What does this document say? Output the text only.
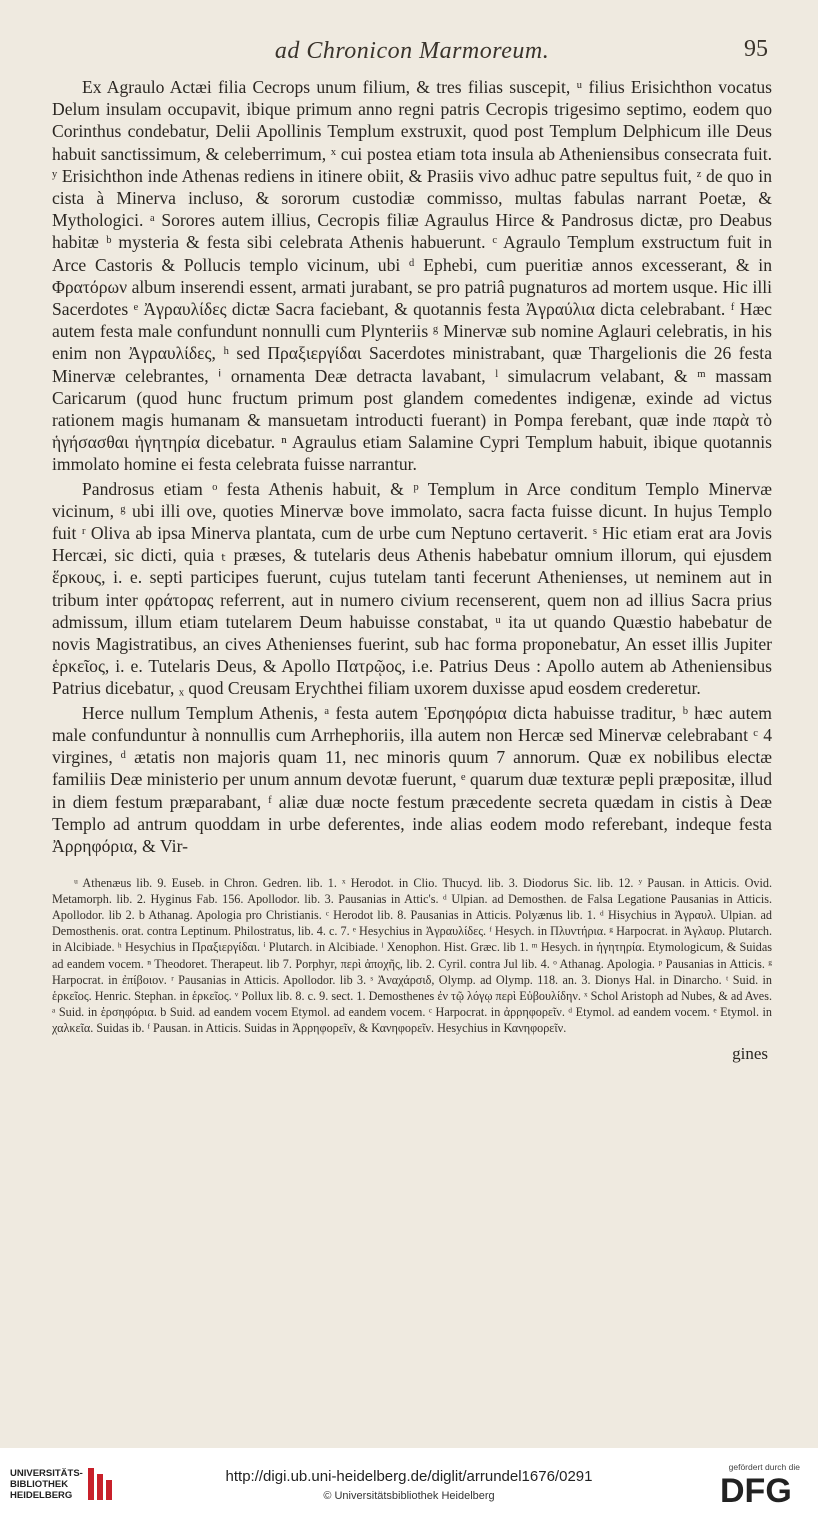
ad Chronicon Marmoreum.	95

Ex Agraulo Actæi filia Cecrops unum filium, & tres filias suscepit, ᵘ filius Erisichthon vocatus Delum insulam occupavit, ibique primum anno regni patris Cecropis trigesimo septimo, eodem quo Corinthus condebatur, Delii Apollinis Templum exstruxit, quod post Templum Delphicum ille Deus habuit sanctissimum, & celeberrimum, ˣ cui postea etiam tota insula ab Atheniensibus consecrata fuit. ʸ Erisichthon inde Athenas rediens in itinere obiit, & Prasiis vivo adhuc patre sepultus fuit, ᶻ de quo in cista à Minerva incluso, & sororum custodiæ commisso, multas fabulas narrant Poetæ, & Mythologici. ᵃ Sorores autem illius, Cecropis filiæ Agraulus Hirce & Pandrosus dictæ, pro Deabus habitæ ᵇ mysteria & festa sibi celebrata Athenis habuerunt. ᶜ Agraulo Templum exstructum fuit in Arce Castoris & Pollucis templo vicinum, ubi ᵈ Ephebi, cum pueritiæ annos excesserant, & in Φρατόρων album inserendi essent, armati jurabant, se pro patriâ pugnaturos ad mortem usque. Hic illi Sacerdotes ᵉ Ἀγραυλίδες dictæ Sacra faciebant, & quotannis festa Ἀγραύλια dicta celebrabant. ᶠ Hæc autem festa male confundunt nonnulli cum Plynteriis ᵍ Minervæ sub nomine Aglauri celebratis, in his enim non Ἀγραυλίδες, ʰ sed Πραξιεργίδαι Sacerdotes ministrabant, quæ Thargelionis die 26 festa Minervæ celebrantes, ⁱ ornamenta Deæ detracta lavabant, ˡ simulacrum velabant, & ᵐ massam Caricarum (quod hunc fructum primum post glandem comedentes indigenæ, exinde ad victus rationem magis humanam & mansuetam introducti fuerant) in Pompa ferebant, quæ inde παρὰ τὸ ἡγήσασθαι ἡγητηρία dicebatur. ⁿ Agraulus etiam Salamine Cypri Templum habuit, ibique quotannis immolato homine ei festa celebrata fuisse narrantur.

Pandrosus etiam ᵒ festa Athenis habuit, & ᵖ Templum in Arce conditum Templo Minervæ vicinum, ᵍ ubi illi ove, quoties Minervæ bove immolato, sacra facta fuisse dicunt. In hujus Templo fuit ʳ Oliva ab ipsa Minerva plantata, cum de urbe cum Neptuno certaverit. ˢ Hic etiam erat ara Jovis Hercæi, sic dicti, quia ₜ præses, & tutelaris deus Athenis habebatur omnium illorum, qui ejusdem ἕρκους, i. e. septi participes fuerunt, cujus tutelam tanti fecerunt Athenienses, ut neminem aut in tribum inter φράτορας referrent, aut in numero civium recenserent, quem non ad illius Sacra prius admissum, illum etiam tutelarem Deum habuisse constabat, ᵘ ita ut quando Quæstio habebatur de novis Magistratibus, an cives Athenienses fuerint, sub hac forma proponebatur, An esset illis Jupiter ἑρκεῖος, i. e. Tutelaris Deus, & Apollo Πατρῷος, i.e. Patrius Deus : Apollo autem ab Atheniensibus Patrius dicebatur, ₓ quod Creusam Erychthei filiam uxorem duxisse apud eosdem crederetur.

Herce nullum Templum Athenis, ᵃ festa autem Ἑρσηφόρια dicta habuisse traditur, ᵇ hæc autem male confunduntur à nonnullis cum Arrhephoriis, illa autem non Hercæ sed Minervæ celebrabant ᶜ 4 virgines, ᵈ ætatis non majoris quam 11, nec minoris quum 7 annorum. Quæ ex nobilibus electæ familiis Deæ ministerio per unum annum devotæ fuerunt, ᵉ quarum duæ texturæ pepli præpositæ, illud in diem festum præparabant, ᶠ aliæ duæ nocte festum præcedente secreta quædam in cistis à Deæ Templo ad antrum quoddam in urbe deferentes, inde alias eodem modo referebant, indeque festa Ἀρρηφόρια, & Vir-

ᵘ Athenæus lib. 9. Euseb. in Chron. Gedren. lib. 1. ˣ Herodot. in Clio. Thucyd. lib. 3. Diodorus Sic. lib. 12. ʸ Pausan. in Atticis. Ovid. Metamorph. lib. 2. Hyginus Fab. 156. Apollodor. lib. 3. Pausanias in Attic's. ᵈ Ulpian. ad Demosthen. de Falsa Legatione Pausanias in Atticis. Apollodor. lib 2. b Athanag. Apologia pro Christianis. ᶜ Herodot lib. 8. Pausanias in Atticis. Polyænus lib. 1. ᵈ Hisychius in Ἀγραυλ. Ulpian. ad Demosthenis. orat. contra Leptinum. Philostratus, lib. 4. c. 7. ᵉ Hesychius in Ἀγραυλίδες. ᶠ Hesych. in Πλυντήρια. ᵍ Harpocrat. in Ἀγλαυρ. Plutarch. in Alcibiade. ʰ Hesychius in Πραξιεργίδαι. ⁱ Plutarch. in Alcibiade. ˡ Xenophon. Hist. Græc. lib 1. ᵐ Hesych. in ἡγητηρία. Etymologicum, & Suidas ad eandem vocem. ⁿ Theodoret. Therapeut. lib 7. Porphyr, περὶ ἀποχῆς, lib. 2. Cyril. contra Jul lib. 4. ᵒ Athanag. Apologia. ᵖ Pausanias in Atticis. ᵍ Harpocrat. in ἐπίβοιον. ʳ Pausanias in Atticis. Apollodor. lib 3. ˢ Ἀναχάρσιδ, Olymp. ad Olymp. 118. an. 3. Dionys Hal. in Dinarcho. ᵗ Suid. in ἑρκεῖος. Henric. Stephan. in ἑρκεῖος. ᵛ Pollux lib. 8. c. 9. sect. 1. Demosthenes ἐν τῷ λόγῳ περὶ Εὐβουλίδην. ˣ Schol Aristoph ad Nubes, & ad Aves. ᵃ Suid. in ἑρσηφόρια. b Suid. ad eandem vocem Etymol. ad eandem vocem. ᶜ Harpocrat. in ἀρρηφορεῖν. ᵈ Etymol. ad eandem vocem. ᵉ Etymol. in χαλκεῖα. Suidas ib. ᶠ Pausan. in Atticis. Suidas in Ἀρρηφορεῖν, & Κανηφορεῖν. Hesychius in Κανηφορεῖν.

gines
UNIVERSITÄTS-
BIBLIOTHEK
HEIDELBERG
http://digi.ub.uni-heidelberg.de/diglit/arrundel1676/0291
© Universitätsbibliothek Heidelberg
gefördert durch die
DFG
